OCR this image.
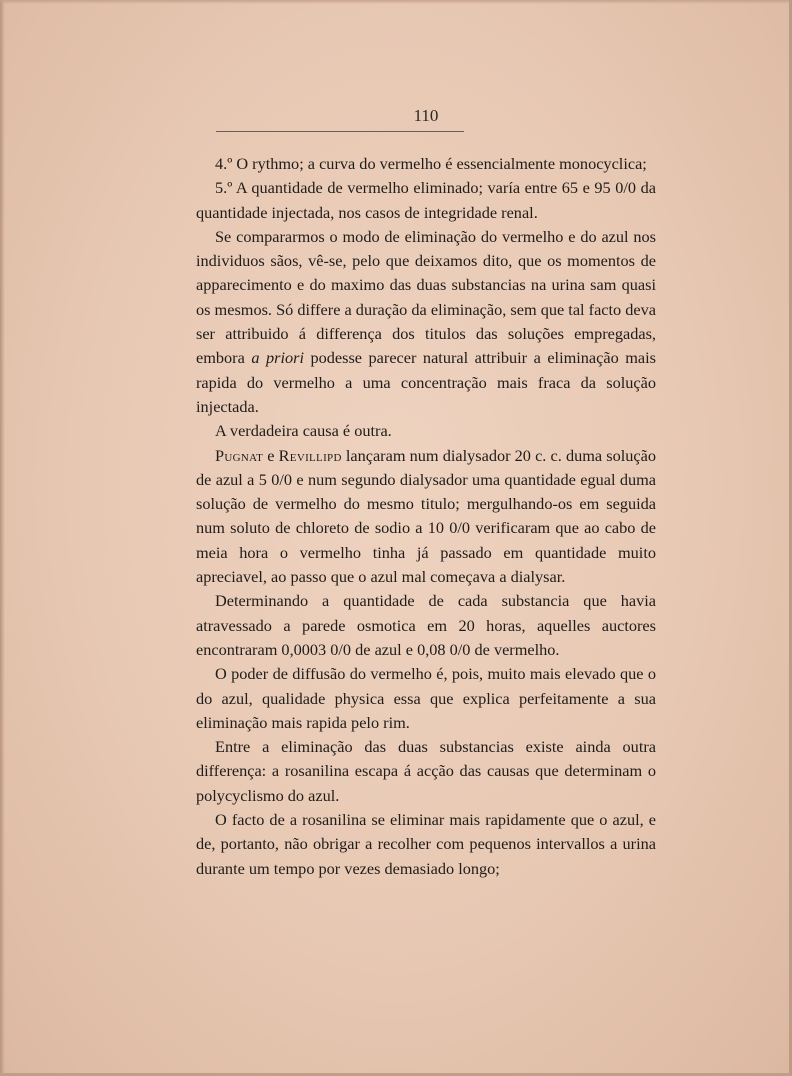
110

4.º O rythmo; a curva do vermelho é essencialmente monocyclica;

5.º A quantidade de vermelho eliminado; varía entre 65 e 95 0/0 da quantidade injectada, nos casos de integridade renal.

Se compararmos o modo de eliminação do vermelho e do azul nos individuos sãos, vê-se, pelo que deixamos dito, que os momentos de apparecimento e do maximo das duas substancias na urina sam quasi os mesmos. Só differe a duração da eliminação, sem que tal facto deva ser attribuido á differença dos titulos das soluções empregadas, embora a priori podesse parecer natural attribuir a eliminação mais rapida do vermelho a uma concentração mais fraca da solução injectada.

A verdadeira causa é outra.

Pugnat e Revillipd lançaram num dialysador 20 c. c. duma solução de azul a 5 0/0 e num segundo dialysador uma quantidade egual duma solução de vermelho do mesmo titulo; mergulhando-os em seguida num soluto de chloreto de sodio a 10 0/0 verificaram que ao cabo de meia hora o vermelho tinha já passado em quantidade muito apreciavel, ao passo que o azul mal começava a dialysar.

Determinando a quantidade de cada substancia que havia atravessado a parede osmotica em 20 horas, aquelles auctores encontraram 0,0003 0/0 de azul e 0,08 0/0 de vermelho.

O poder de diffusão do vermelho é, pois, muito mais elevado que o do azul, qualidade physica essa que explica perfeitamente a sua eliminação mais rapida pelo rim.

Entre a eliminação das duas substancias existe ainda outra differença: a rosanilina escapa á acção das causas que determinam o polycyclismo do azul.

O facto de a rosanilina se eliminar mais rapidamente que o azul, e de, portanto, não obrigar a recolher com pequenos intervallos a urina durante um tempo por vezes demasiado longo;
